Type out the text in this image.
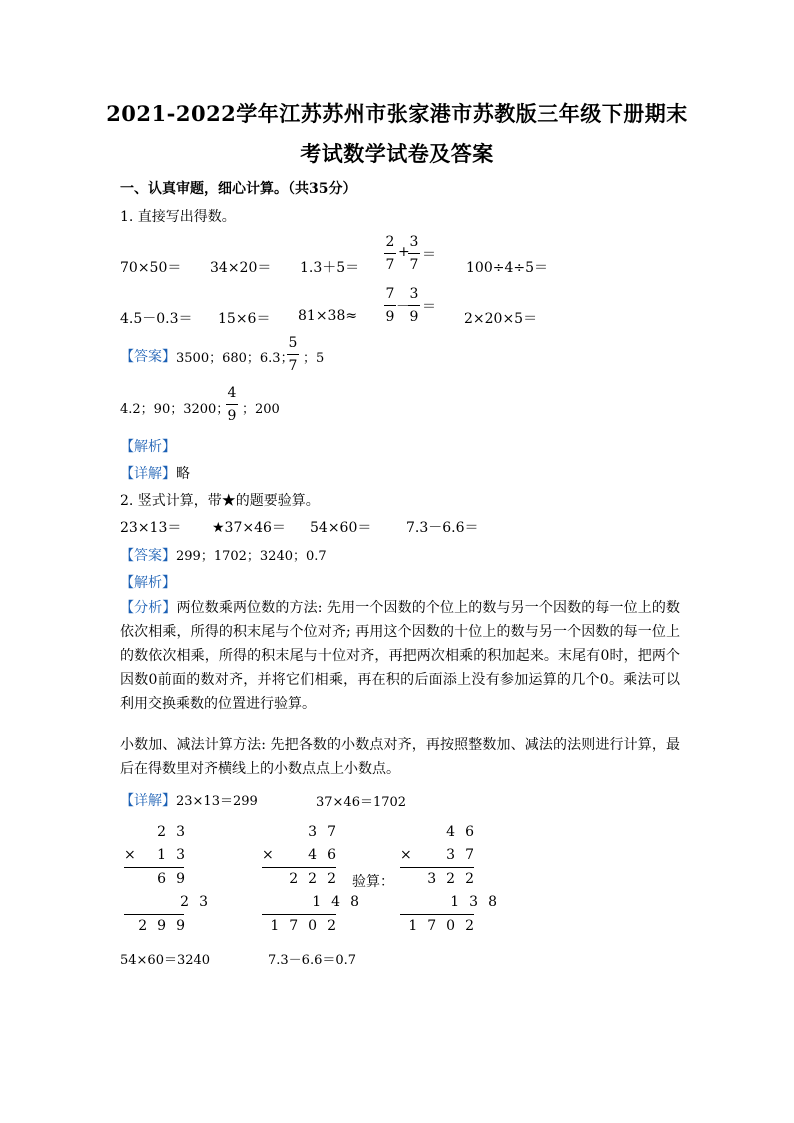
2021-2022学年江苏苏州市张家港市苏教版三年级下册期末
考试数学试卷及答案
一、认真审题，细心计算。（共35分）
1. 直接写出得数。
70×50＝ 34×20＝ 1.3＋5＝
2
7
+
3
7
＝
100÷4÷5＝
4.5－0.3＝ 15×6＝ 81×38≈
7
9
－
3
9
＝
2×20×5＝
【答案】 3500；680；6.3；
5
7 ；5
4.2；90；3200；
4
9 ；200
【解析】
【详解】略
2. 竖式计算，带★的题要验算。
23×13＝ ★37×46＝ 54×60＝ 7.3－6.6＝
【答案】299；1702；3240；0.7
【解析】
【分析】两位数乘两位数的方法: 先用一个因数的个位上的数与另一个因数的每一位上的数依次相乘，所得的积末尾与个位对齐; 再用这个因数的十位上的数与另一个因数的每一位上的数依次相乘，所得的积末尾与十位对齐，再把两次相乘的积加起来。末尾有0时，把两个因数0前面的数对齐，并将它们相乘，再在积的后面添上没有参加运算的几个0。乘法可以利用交换乘数的位置进行验算。
小数加、减法计算方法: 先把各数的小数点对齐，再按照整数加、减法的法则进行计算，最后在得数里对齐横线上的小数点点上小数点。
【详解】23×13＝299	37×46＝1702
23
×	13
69
23
299
37
×	46
222
148
1702
验算：
46
×	37
322
138
1702
54×60＝3240	7.3－6.6＝0.7
